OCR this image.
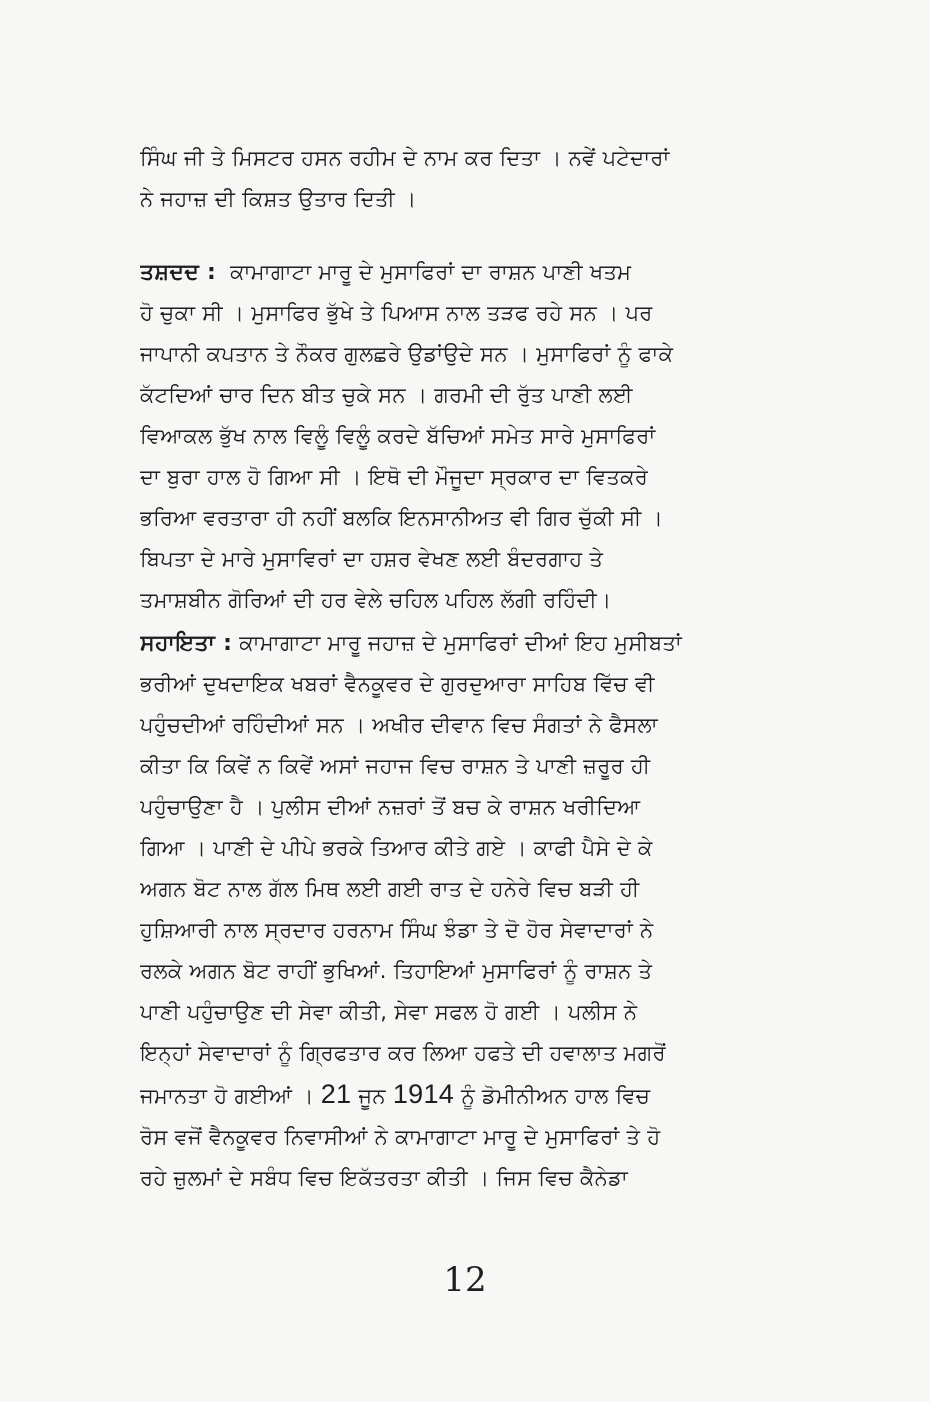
ਸਿੰਘ ਜੀ ਤੇ ਮਿਸਟਰ ਹਸਨ ਰਹੀਮ ਦੇ ਨਾਮ ਕਰ ਦਿਤਾ । ਨਵੇਂ ਪਟੇਦਾਰਾਂ
ਨੇ ਜਹਾਜ਼ ਦੀ ਕਿਸ਼ਤ ਉਤਾਰ ਦਿਤੀ ।
ਤਸ਼ਦਦ : ਕਾਮਾਗਾਟਾ ਮਾਰੂ ਦੇ ਮੁਸਾਫਿਰਾਂ ਦਾ ਰਾਸ਼ਨ ਪਾਣੀ ਖਤਮ
ਹੋ ਚੁਕਾ ਸੀ । ਮੁਸਾਫਿਰ ਭੁੱਖੇ ਤੇ ਪਿਆਸ ਨਾਲ ਤੜਫ ਰਹੇ ਸਨ । ਪਰ
ਜਾਪਾਨੀ ਕਪਤਾਨ ਤੇ ਨੌਕਰ ਗੁਲਛਰੇ ਉਡਾਂਉਦੇ ਸਨ । ਮੁਸਾਫਿਰਾਂ ਨੂੰ ਫਾਕੇ
ਕੱਟਦਿਆਂ ਚਾਰ ਦਿਨ ਬੀਤ ਚੁਕੇ ਸਨ । ਗਰਮੀ ਦੀ ਰੁੱਤ ਪਾਣੀ ਲਈ
ਵਿਆਕਲ ਭੁੱਖ ਨਾਲ ਵਿਲੂੰ ਵਿਲੂੰ ਕਰਦੇ ਬੱਚਿਆਂ ਸਮੇਤ ਸਾਰੇ ਮੁਸਾਫਿਰਾਂ
ਦਾ ਬੁਰਾ ਹਾਲ ਹੋ ਗਿਆ ਸੀ । ਇਥੋ ਦੀ ਮੌਜੂਦਾ ਸ੍ਰਕਾਰ ਦਾ ਵਿਤਕਰੇ
ਭਰਿਆ ਵਰਤਾਰਾ ਹੀ ਨਹੀਂ ਬਲਕਿ ਇਨਸਾਨੀਅਤ ਵੀ ਗਿਰ ਚੁੱਕੀ ਸੀ ।
ਬਿਪਤਾ ਦੇ ਮਾਰੇ ਮੁਸਾਵਿਰਾਂ ਦਾ ਹਸ਼ਰ ਵੇਖਣ ਲਈ ਬੰਦਰਗਾਹ ਤੇ
ਤਮਾਸ਼ਬੀਨ ਗੋਰਿਆਂ ਦੀ ਹਰ ਵੇਲੇ ਚਹਿਲ ਪਹਿਲ ਲੱਗੀ ਰਹਿੰਦੀ।
ਸਹਾਇਤਾ : ਕਾਮਾਗਾਟਾ ਮਾਰੂ ਜਹਾਜ਼ ਦੇ ਮੁਸਾਫਿਰਾਂ ਦੀਆਂ ਇਹ ਮੁਸੀਬਤਾਂ
ਭਰੀਆਂ ਦੁਖਦਾਇਕ ਖਬਰਾਂ ਵੈਨਕੂਵਰ ਦੇ ਗੁਰਦੁਆਰਾ ਸਾਹਿਬ ਵਿੱਚ ਵੀ
ਪਹੁੰਚਦੀਆਂ ਰਹਿੰਦੀਆਂ ਸਨ । ਅਖੀਰ ਦੀਵਾਨ ਵਿਚ ਸੰਗਤਾਂ ਨੇ ਫੈਸਲਾ
ਕੀਤਾ ਕਿ ਕਿਵੇਂ ਨ ਕਿਵੇਂ ਅਸਾਂ ਜਹਾਜ ਵਿਚ ਰਾਸ਼ਨ ਤੇ ਪਾਣੀ ਜ਼ਰੂਰ ਹੀ
ਪਹੁੰਚਾਉਣਾ ਹੈ । ਪੁਲੀਸ ਦੀਆਂ ਨਜ਼ਰਾਂ ਤੋਂ ਬਚ ਕੇ ਰਾਸ਼ਨ ਖਰੀਦਿਆ
ਗਿਆ । ਪਾਣੀ ਦੇ ਪੀਪੇ ਭਰਕੇ ਤਿਆਰ ਕੀਤੇ ਗਏ । ਕਾਫੀ ਪੈਸੇ ਦੇ ਕੇ
ਅਗਨ ਬੋਟ ਨਾਲ ਗੱਲ ਮਿਥ ਲਈ ਗਈ ਰਾਤ ਦੇ ਹਨੇਰੇ ਵਿਚ ਬੜੀ ਹੀ
ਹੁਸ਼ਿਆਰੀ ਨਾਲ ਸ੍ਰਦਾਰ ਹਰਨਾਮ ਸਿੰਘ ਝੰਡਾ ਤੇ ਦੋ ਹੋਰ ਸੇਵਾਦਾਰਾਂ ਨੇ
ਰਲਕੇ ਅਗਨ ਬੋਟ ਰਾਹੀਂ ਭੁਖਿਆਂ. ਤਿਹਾਇਆਂ ਮੁਸਾਫਿਰਾਂ ਨੂੰ ਰਾਸ਼ਨ ਤੇ
ਪਾਣੀ ਪਹੁੰਚਾਉਣ ਦੀ ਸੇਵਾ ਕੀਤੀ, ਸੇਵਾ ਸਫਲ ਹੋ ਗਈ । ਪਲੀਸ ਨੇ
ਇਨ੍ਹਾਂ ਸੇਵਾਦਾਰਾਂ ਨੂੰ ਗ੍ਰਿਫਤਾਰ ਕਰ ਲਿਆ ਹਫਤੇ ਦੀ ਹਵਾਲਾਤ ਮਗਰੋਂ
ਜਮਾਨਤਾ ਹੋ ਗਈਆਂ । 21 ਜੂਨ 1914 ਨੂੰ ਡੋਮੀਨੀਅਨ ਹਾਲ ਵਿਚ
ਰੋਸ ਵਜੋਂ ਵੈਨਕੂਵਰ ਨਿਵਾਸੀਆਂ ਨੇ ਕਾਮਾਗਾਟਾ ਮਾਰੂ ਦੇ ਮੁਸਾਫਿਰਾਂ ਤੇ ਹੋ
ਰਹੇ ਜ਼ੁਲਮਾਂ ਦੇ ਸਬੰਧ ਵਿਚ ਇਕੱਤਰਤਾ ਕੀਤੀ । ਜਿਸ ਵਿਚ ਕੈਨੇਡਾ
12
